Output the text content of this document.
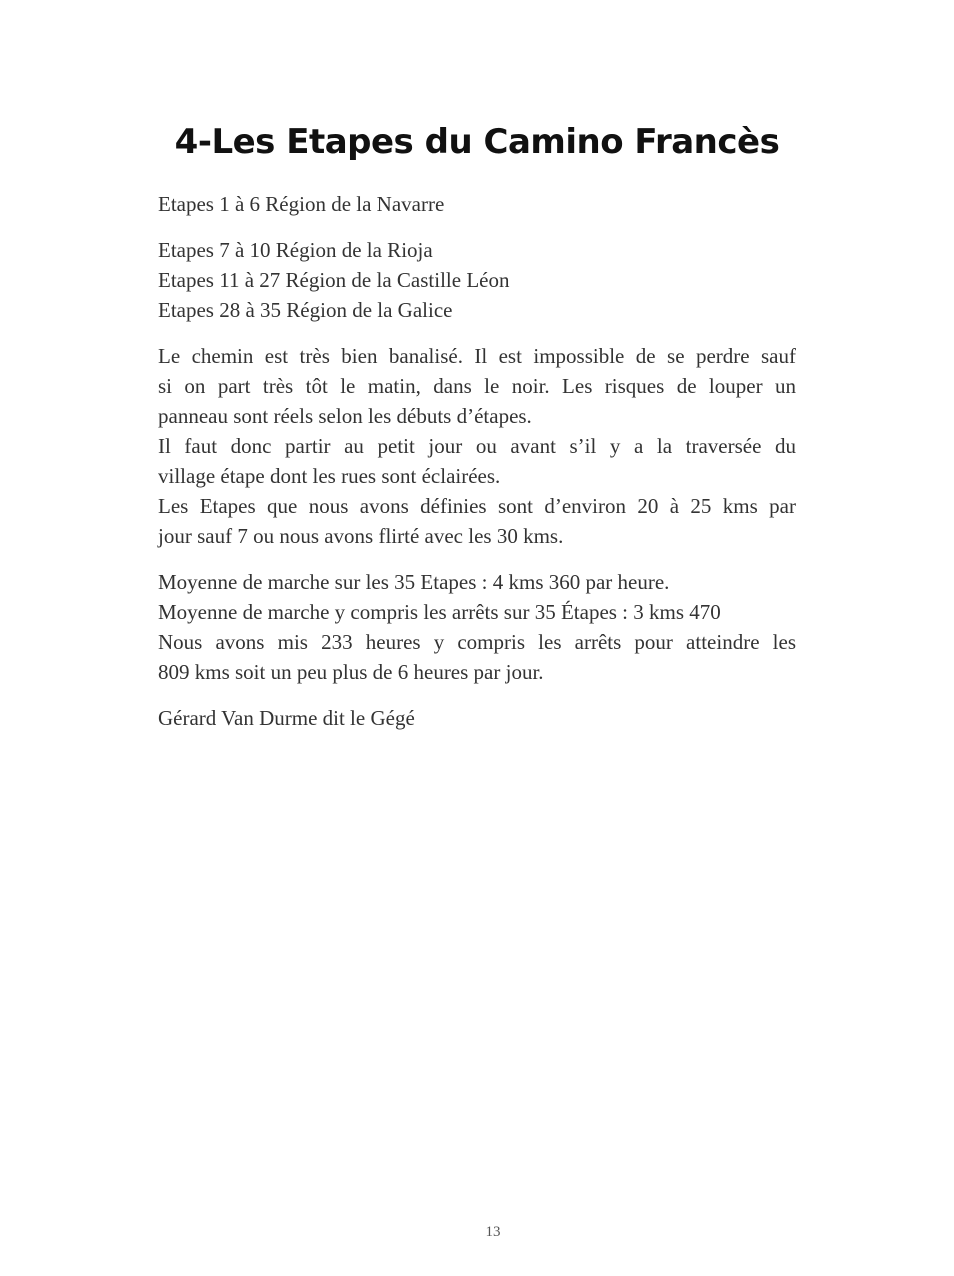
4-Les Etapes du Camino Francès

Etapes 1 à 6 Région de la Navarre

Etapes 7 à 10 Région de la Rioja
Etapes 11 à 27 Région de la Castille Léon
Etapes 28 à 35 Région de la Galice

Le chemin est très bien banalisé. Il est impossible de se perdre sauf
si on part très tôt le matin, dans le noir. Les risques de louper un
panneau sont réels selon les débuts d’étapes.
Il faut donc partir au petit jour ou avant s’il y a la traversée du
village étape dont les rues sont éclairées.
Les Etapes que nous avons définies sont d’environ 20 à 25 kms par
jour sauf 7 ou nous avons flirté avec les 30 kms.

Moyenne de marche sur les 35 Etapes : 4 kms 360 par heure.
Moyenne de marche y compris les arrêts sur 35 Étapes : 3 kms 470
Nous avons mis 233 heures y compris les arrêts pour atteindre les
809 kms soit un peu plus de 6 heures par jour.

Gérard Van Durme dit le Gégé

13
